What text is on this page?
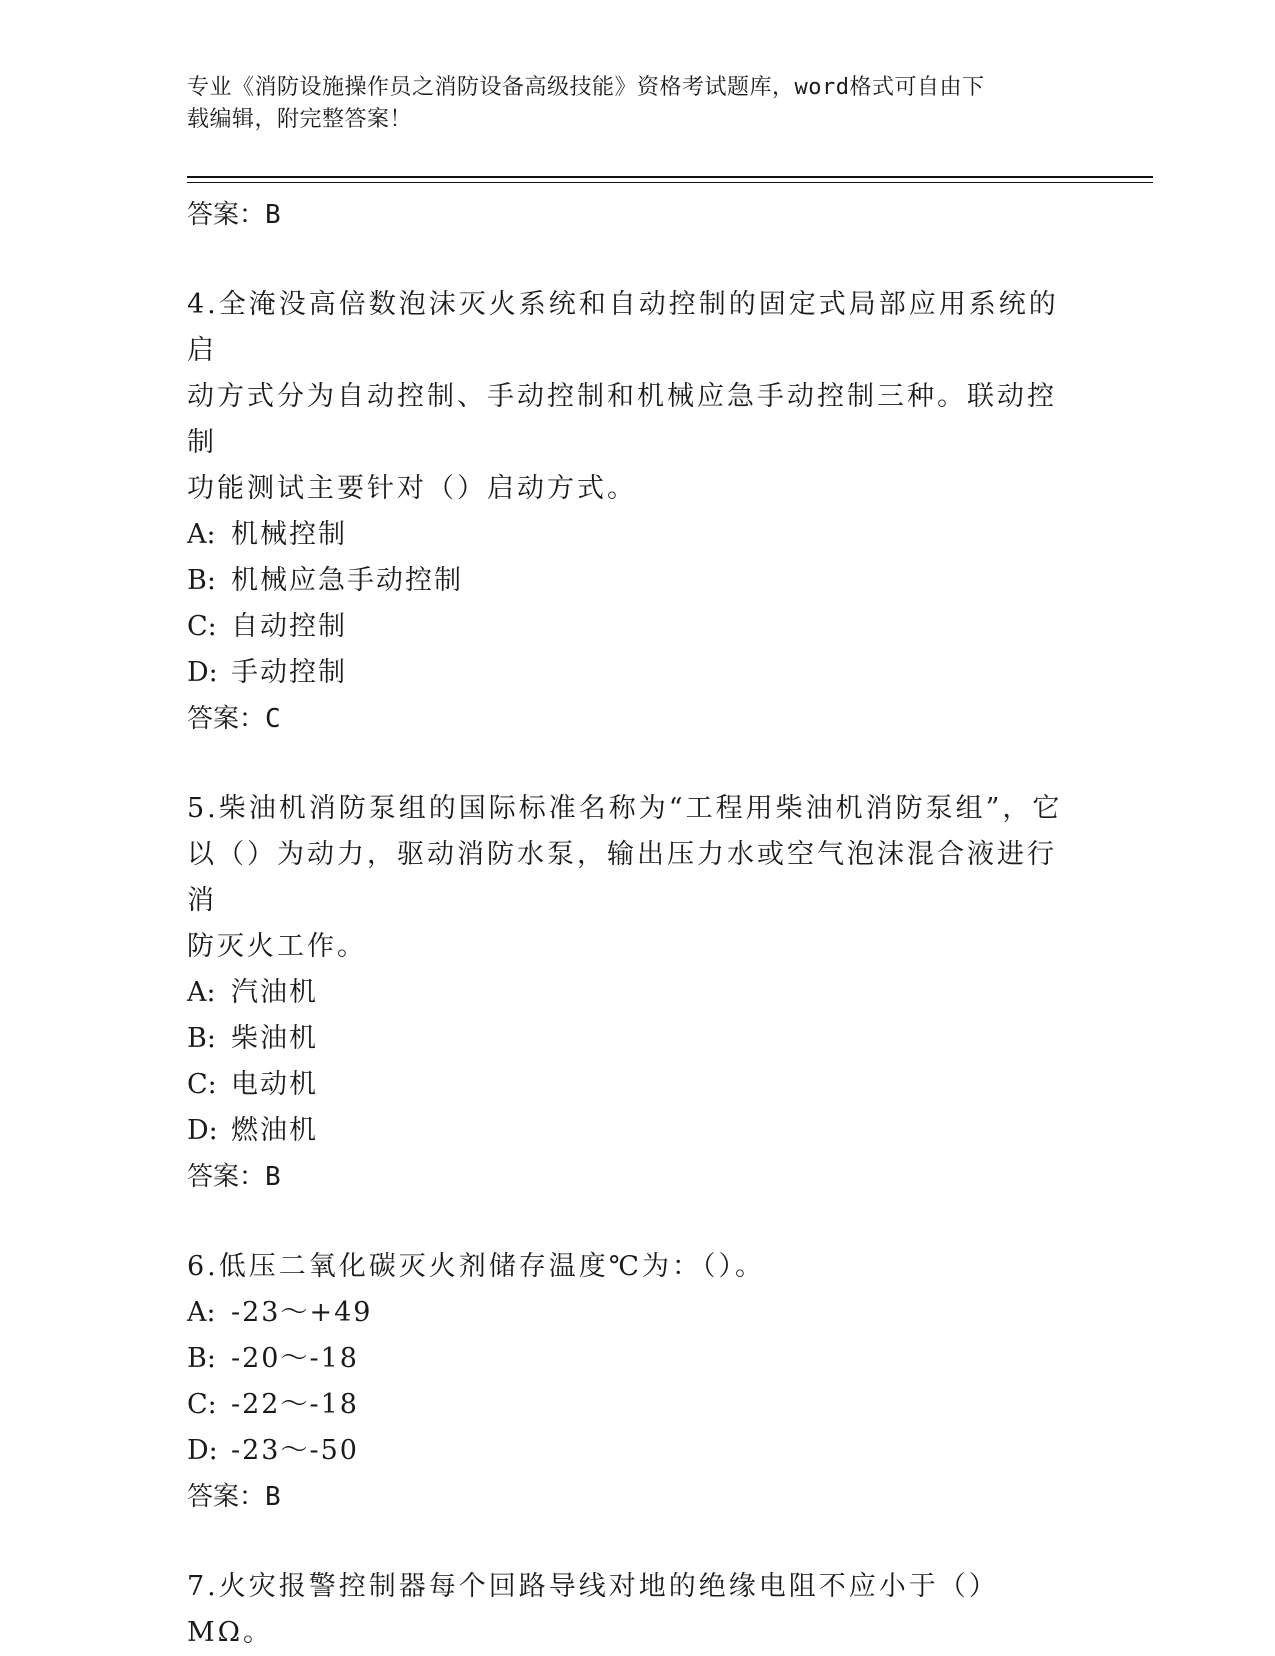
专业《消防设施操作员之消防设备高级技能》资格考试题库，word格式可自由下
载编辑，附完整答案！
答案：B
4.全淹没高倍数泡沫灭火系统和自动控制的固定式局部应用系统的启
动方式分为自动控制、手动控制和机械应急手动控制三种。联动控制
功能测试主要针对（）启动方式。
A: 机械控制
B: 机械应急手动控制
C: 自动控制
D: 手动控制
答案：C
5.柴油机消防泵组的国际标准名称为“工程用柴油机消防泵组”，它
以（）为动力，驱动消防水泵，输出压力水或空气泡沫混合液进行消
防灭火工作。
A: 汽油机
B: 柴油机
C: 电动机
D: 燃油机
答案：B
6.低压二氧化碳灭火剂储存温度℃为：（）。
A: -23～+49
B: -20～-18
C: -22～-18
D: -23～-50
答案：B
7.火灾报警控制器每个回路导线对地的绝缘电阻不应小于（）MΩ。
